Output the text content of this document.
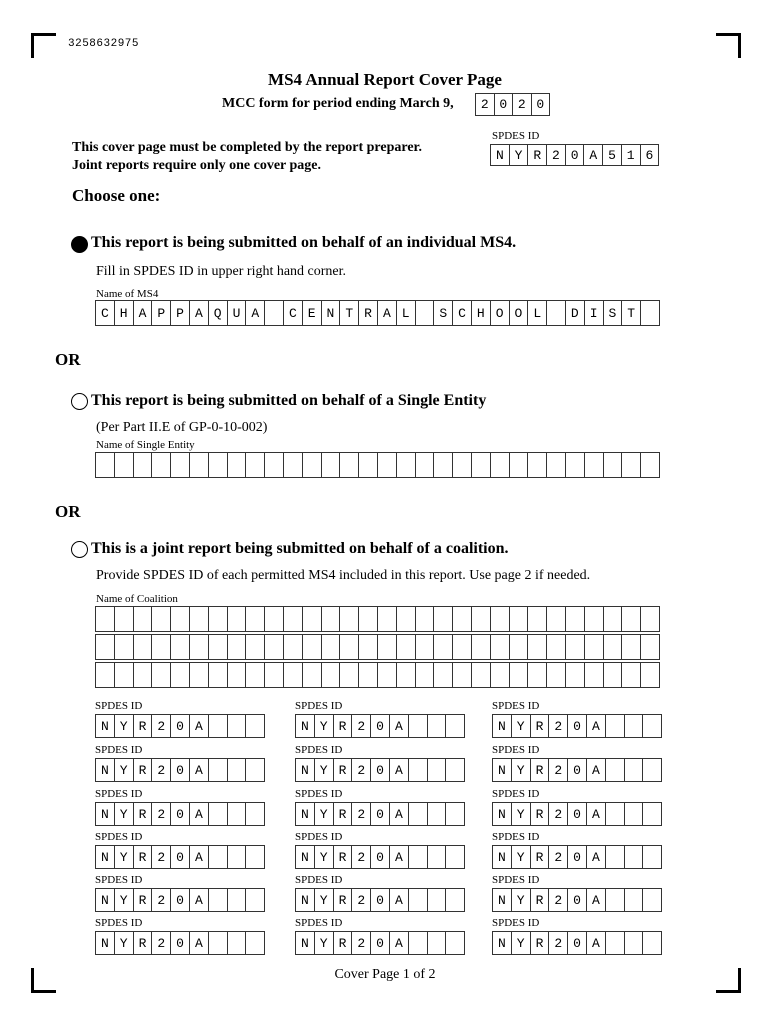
3258632975
MS4 Annual Report Cover Page
MCC form for period ending March 9,	2 0 2 0
SPDES ID
N Y R 2 0 A 5 1 6
This cover page must be completed by the report preparer.
Joint reports require only one cover page.
Choose one:
This report is being submitted on behalf of an individual MS4.
Fill in SPDES ID in upper right hand corner.
Name of MS4
C H A P P A Q U A	C E N T R A L	S C H O O L	D I S T
OR
This report is being submitted on behalf of a Single Entity
(Per Part II.E of GP-0-10-002)
Name of Single Entity
OR
This is a joint report being submitted on behalf of a coalition.
Provide SPDES ID of each permitted MS4 included in this report. Use page 2 if needed.
Name of Coalition
SPDES ID
N Y R 2 0 A
SPDES ID
N Y R 2 0 A
SPDES ID
N Y R 2 0 A
SPDES ID
N Y R 2 0 A
SPDES ID
N Y R 2 0 A
SPDES ID
N Y R 2 0 A
SPDES ID
N Y R 2 0 A
SPDES ID
N Y R 2 0 A
SPDES ID
N Y R 2 0 A
SPDES ID
N Y R 2 0 A
SPDES ID
N Y R 2 0 A
SPDES ID
N Y R 2 0 A
SPDES ID
N Y R 2 0 A
SPDES ID
N Y R 2 0 A
SPDES ID
N Y R 2 0 A
SPDES ID
N Y R 2 0 A
SPDES ID
N Y R 2 0 A
SPDES ID
N Y R 2 0 A
Cover Page 1 of 2
